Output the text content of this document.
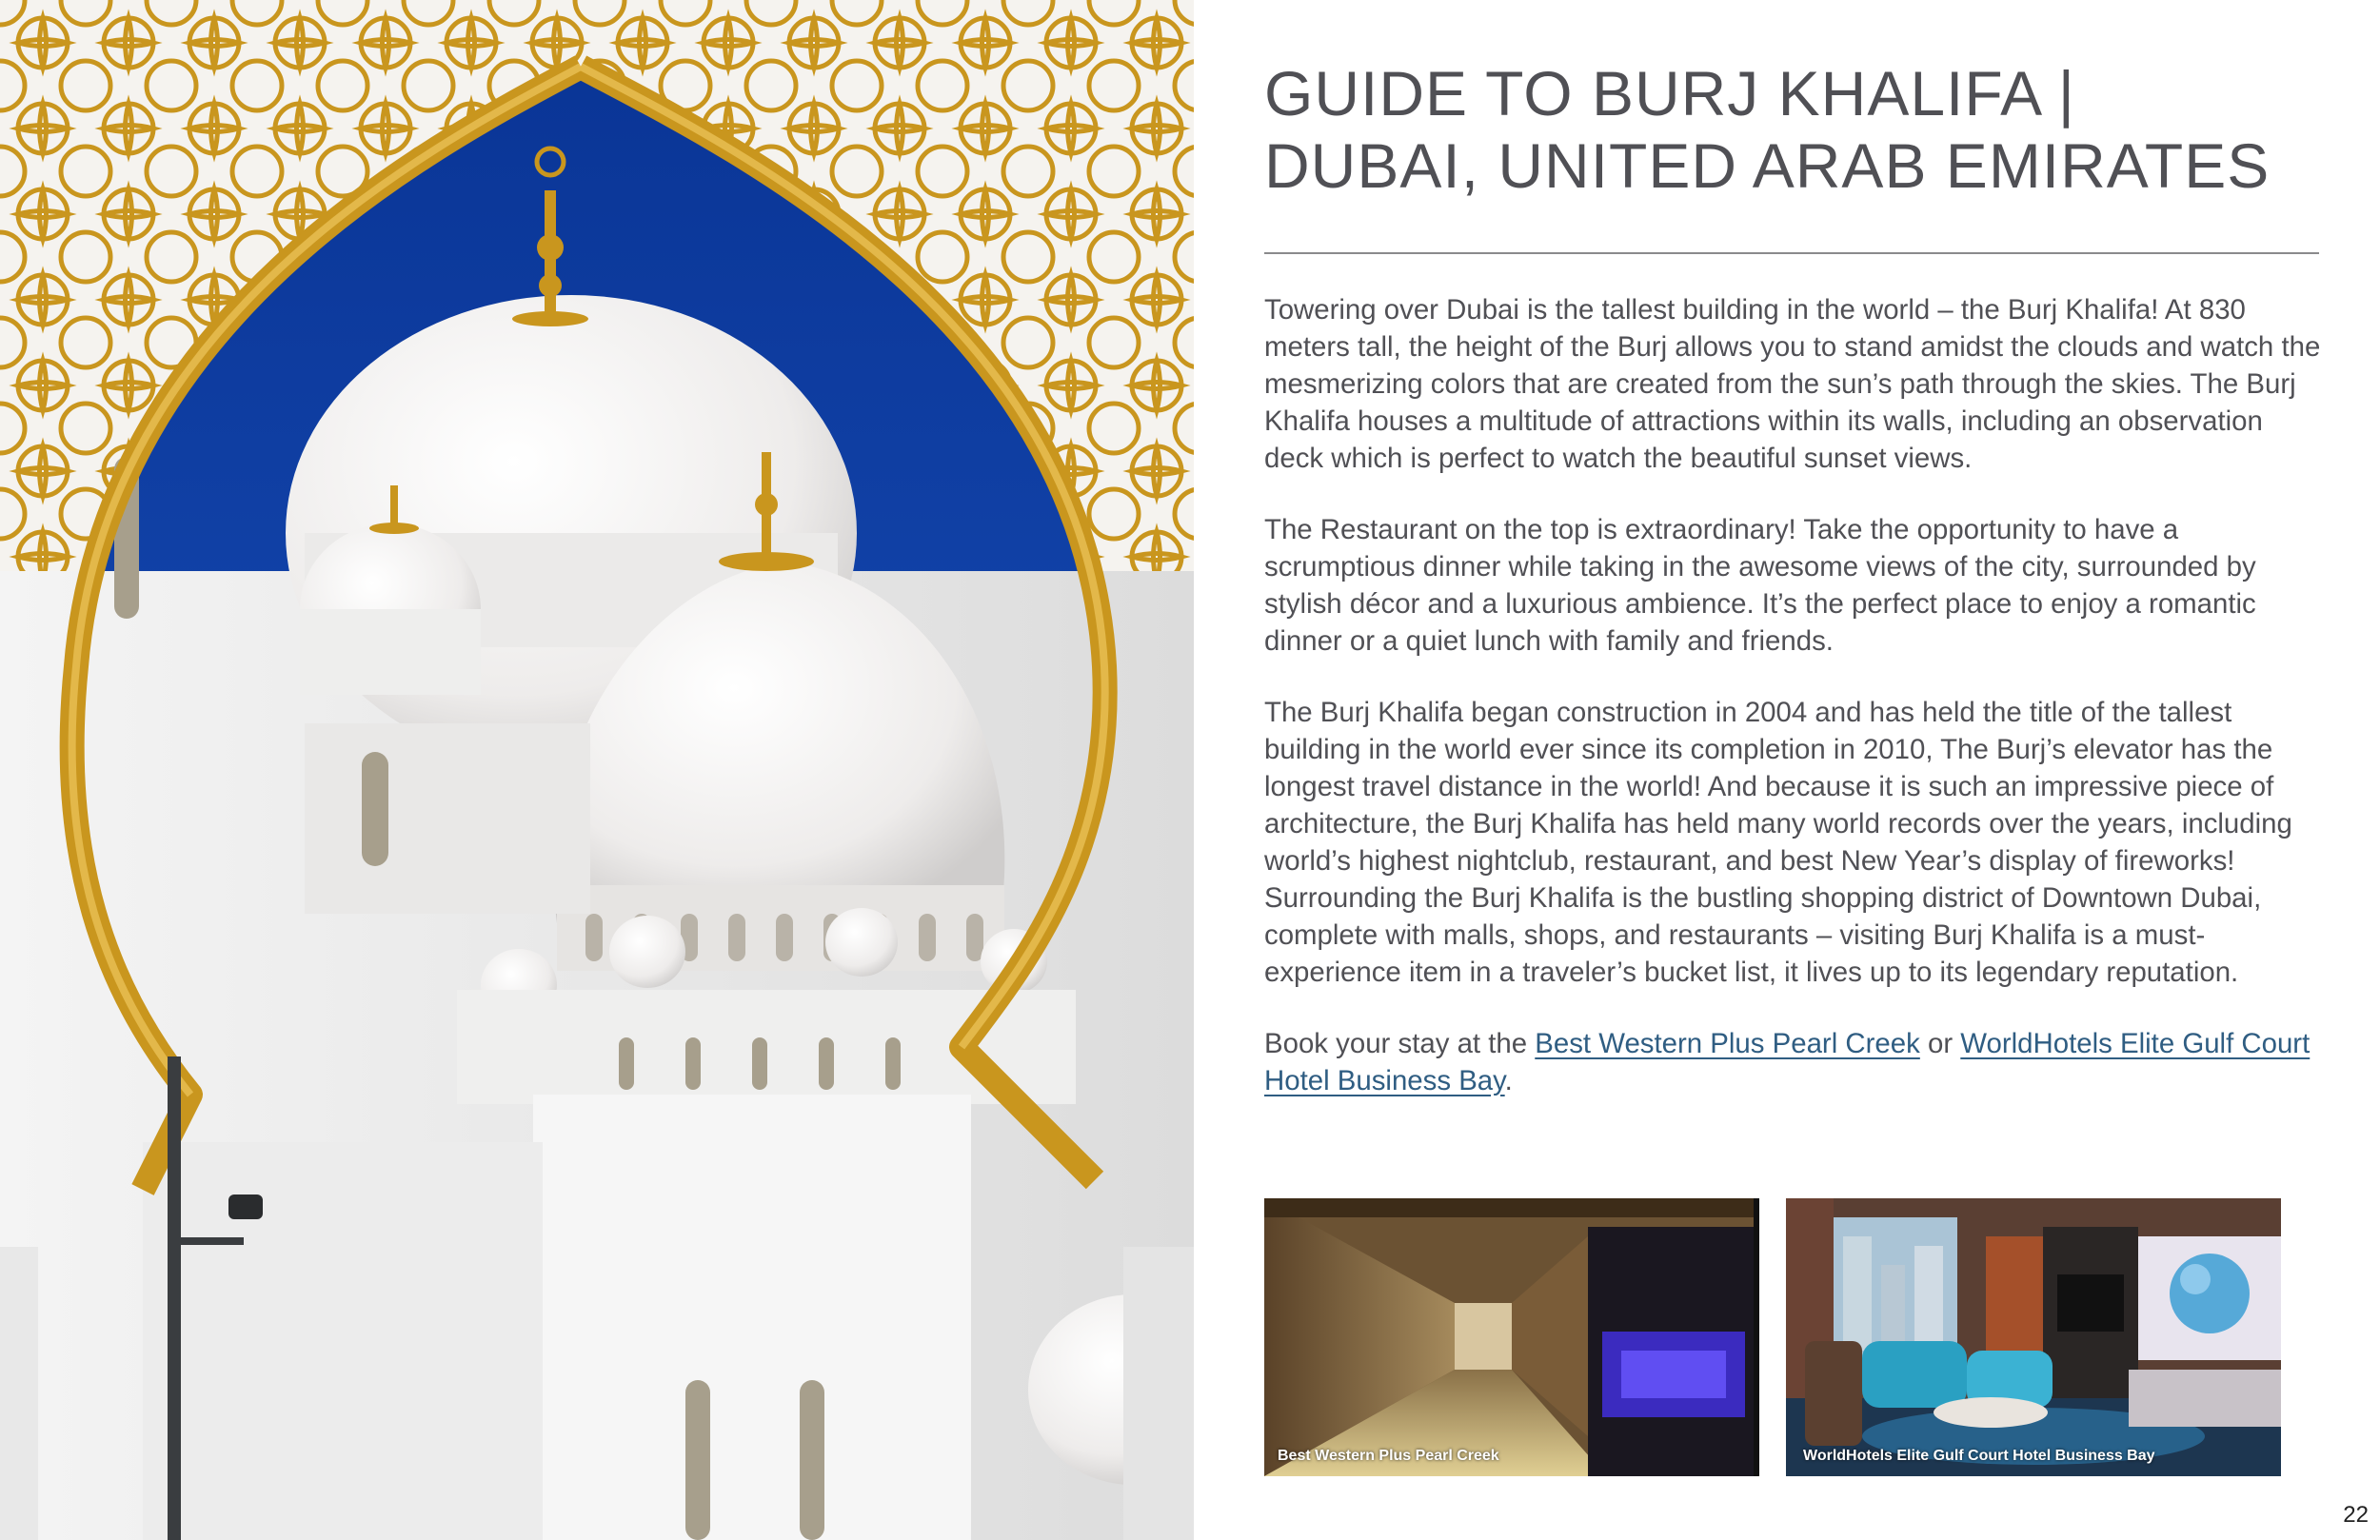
GUIDE TO BURJ KHALIFA |
DUBAI, UNITED ARAB EMIRATES

Towering over Dubai is the tallest building in the world – the Burj Khalifa! At 830 meters tall, the height of the Burj allows you to stand amidst the clouds and watch the mesmerizing colors that are created from the sun’s path through the skies. The Burj Khalifa houses a multitude of attractions within its walls, including an observation deck which is perfect to watch the beautiful sunset views.

The Restaurant on the top is extraordinary! Take the opportunity to have a scrumptious dinner while taking in the awesome views of the city, surrounded by stylish décor and a luxurious ambience. It’s the perfect place to enjoy a romantic dinner or a quiet lunch with family and friends.

The Burj Khalifa began construction in 2004 and has held the title of the tallest building in the world ever since its completion in 2010, The Burj’s elevator has the longest travel distance in the world! And because it is such an impressive piece of architecture, the Burj Khalifa has held many world records over the years, including world’s highest nightclub, restaurant, and best New Year’s display of fireworks! Surrounding the Burj Khalifa is the bustling shopping district of Downtown Dubai, complete with malls, shops, and restaurants – visiting Burj Khalifa is a must-experience item in a traveler’s bucket list, it lives up to its legendary reputation.

Book your stay at the Best Western Plus Pearl Creek or WorldHotels Elite Gulf Court Hotel Business Bay.

Best Western Plus Pearl Creek	WorldHotels Elite Gulf Court Hotel Business Bay
22
